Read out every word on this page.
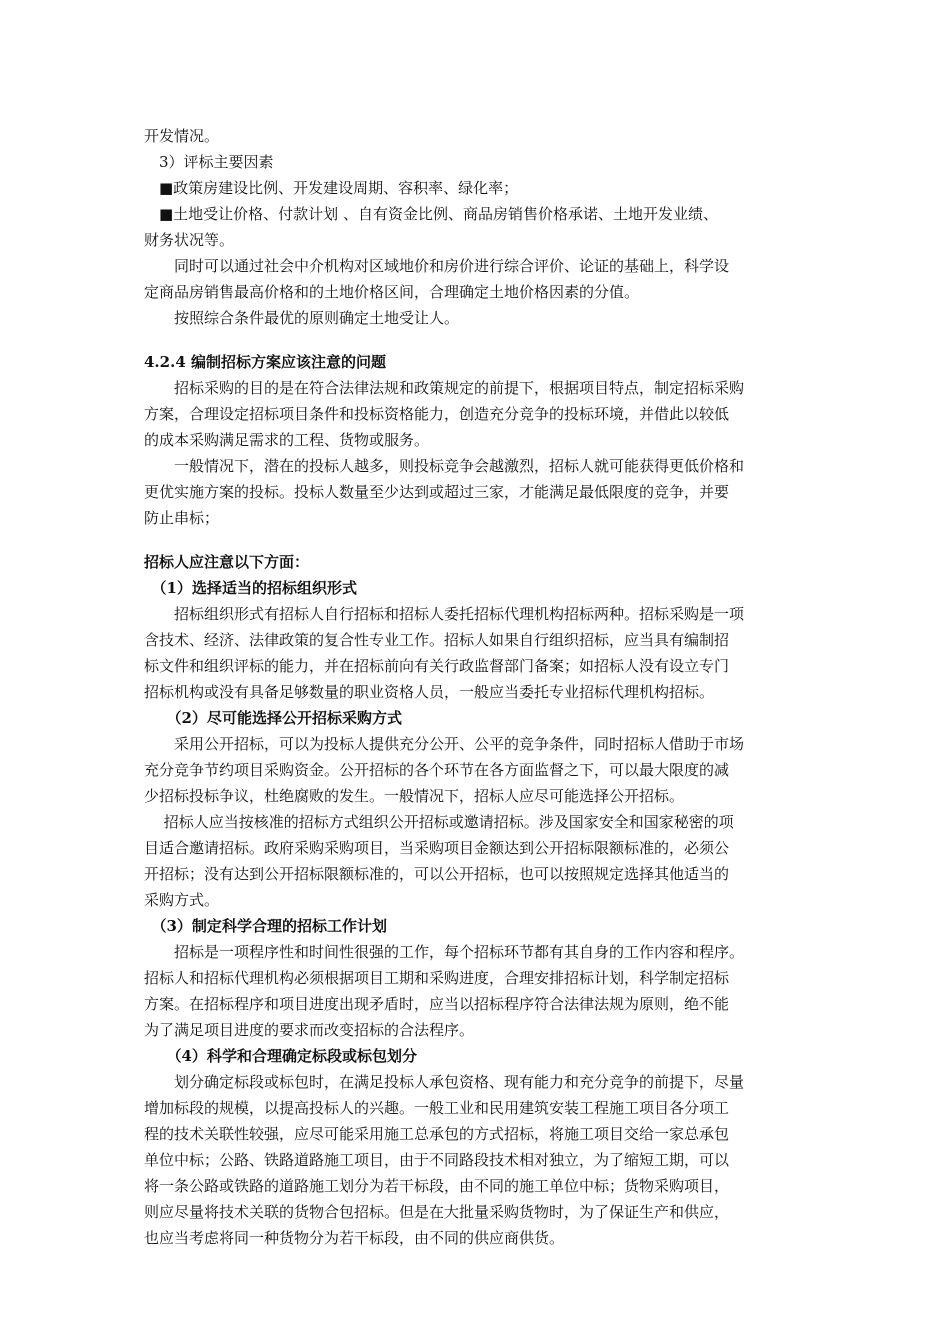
开发情况。
　3）评标主要因素
　■政策房建设比例、开发建设周期、容积率、绿化率；
　■土地受让价格、付款计划 、自有资金比例、商品房销售价格承诺、土地开发业绩、
财务状况等。
　　同时可以通过社会中介机构对区域地价和房价进行综合评价、论证的基础上，科学设
定商品房销售最高价格和的土地价格区间，合理确定土地价格因素的分值。
　　按照综合条件最优的原则确定土地受让人。
4.2.4 编制招标方案应该注意的问题
　　招标采购的目的是在符合法律法规和政策规定的前提下，根据项目特点，制定招标采购
方案，合理设定招标项目条件和投标资格能力，创造充分竞争的投标环境，并借此以较低
的成本采购满足需求的工程、货物或服务。
　　一般情况下，潜在的投标人越多，则投标竞争会越激烈，招标人就可能获得更低价格和
更优实施方案的投标。投标人数量至少达到或超过三家，才能满足最低限度的竞争，并要
防止串标；
招标人应注意以下方面：
　（1）选择适当的招标组织形式
　　招标组织形式有招标人自行招标和招标人委托招标代理机构招标两种。招标采购是一项
含技术、经济、法律政策的复合性专业工作。招标人如果自行组织招标，应当具有编制招
标文件和组织评标的能力，并在招标前向有关行政监督部门备案；如招标人没有设立专门
招标机构或没有具备足够数量的职业资格人员，一般应当委托专业招标代理机构招标。
　　（2）尽可能选择公开招标采购方式
　　采用公开招标，可以为投标人提供充分公开、公平的竞争条件，同时招标人借助于市场
充分竞争节约项目采购资金。公开招标的各个环节在各方面监督之下，可以最大限度的减
少招标投标争议，杜绝腐败的发生。一般情况下，招标人应尽可能选择公开招标。
　 招标人应当按核准的招标方式组织公开招标或邀请招标。涉及国家安全和国家秘密的项
目适合邀请招标。政府采购采购项目，当采购项目金额达到公开招标限额标准的，必须公
开招标；没有达到公开招标限额标准的，可以公开招标，也可以按照规定选择其他适当的
采购方式。
　（3）制定科学合理的招标工作计划
　　招标是一项程序性和时间性很强的工作，每个招标环节都有其自身的工作内容和程序。
招标人和招标代理机构必须根据项目工期和采购进度，合理安排招标计划，科学制定招标
方案。在招标程序和项目进度出现矛盾时，应当以招标程序符合法律法规为原则，绝不能
为了满足项目进度的要求而改变招标的合法程序。
　　（4）科学和合理确定标段或标包划分
　　划分确定标段或标包时，在满足投标人承包资格、现有能力和充分竞争的前提下，尽量
增加标段的规模，以提高投标人的兴趣。一般工业和民用建筑安装工程施工项目各分项工
程的技术关联性较强，应尽可能采用施工总承包的方式招标，将施工项目交给一家总承包
单位中标；公路、铁路道路施工项目，由于不同路段技术相对独立，为了缩短工期，可以
将一条公路或铁路的道路施工划分为若干标段，由不同的施工单位中标；货物采购项目，
则应尽量将技术关联的货物合包招标。但是在大批量采购货物时，为了保证生产和供应，
也应当考虑将同一种货物分为若干标段，由不同的供应商供货。
